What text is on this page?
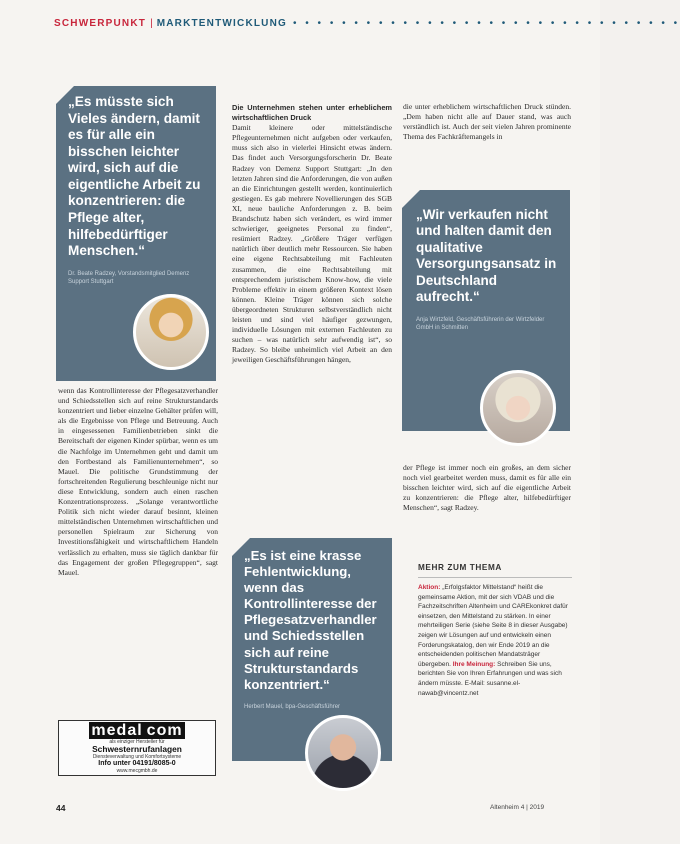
SCHWERPUNKT | MARKTENTWICKLUNG • • • • • • • • • • • • • • • • • • • • • • • • • • • • • • • •
„Es müsste sich Vieles ändern, damit es für alle ein bisschen leichter wird, sich auf die eigentliche Arbeit zu konzentrieren: die Pflege alter, hilfebedürftiger Menschen.“
Dr. Beate Radzey, Vorstandsmitglied Demenz Support Stuttgart
„Wir verkaufen nicht und halten damit den qualitative Versorgungsansatz in Deutschland aufrecht.“
Anja Wirtzfeld, Geschäftsführerin der Wirtzfelder GmbH in Schmitten
„Es ist eine krasse Fehlentwicklung, wenn das Kontrollinteresse der Pflegesatzverhandler und Schiedsstellen sich auf reine Strukturstandards konzentriert.“
Herbert Mauel, bpa-Geschäftsführer

wenn das Kontrollinteresse der Pflegesatzverhandler und Schiedsstellen sich auf reine Strukturstandards konzentriert und lieber einzelne Gehälter prüfen will, als die Ergebnisse von Pflege und Betreuung. Auch in eingesessenen Familienbetrieben sinkt die Bereitschaft der eigenen Kinder spürbar, wenn es um die Nachfolge im Unternehmen geht und damit um den Fortbestand als Familienunternehmen“, so Mauel. Die politische Grundstimmung der fortschreitenden Regulierung beschleunige nicht nur diese Entwicklung, sondern auch einen raschen Konzentrationsprozess. „Solange verantwortliche Politik sich nicht wieder darauf besinnt, kleinen mittelständischen Unternehmen wirtschaftlichen und personellen Spielraum zur Sicherung von Investitionsfähigkeit und wirtschaftlichem Handeln verlässlich zu erhalten, muss sie täglich dankbar für das Engagement der großen Pflegegruppen“, sagt Mauel.

Die Unternehmen stehen unter erheblichem wirtschaftlichen Druck

Damit kleinere oder mittelständische Pflegeunternehmen nicht aufgeben oder verkaufen, muss sich also in vielerlei Hinsicht etwas ändern. Das findet auch Versorgungsforscherin Dr. Beate Radzey von Demenz Support Stuttgart: „In den letzten Jahren sind die Anforderungen, die von außen an die Einrichtungen gestellt werden, kontinuierlich gestiegen. Es gab mehrere Novellierungen des SGB XI, neue bauliche Anforderungen z. B. beim Brandschutz haben sich verändert, es wird immer schwieriger, geeignetes Personal zu finden“, resümiert Radzey. „Größere Träger verfügen natürlich über deutlich mehr Ressourcen. Sie haben eine eigene Rechtsabteilung mit Fachleuten zusammen, die eine Rechtsabteilung mit entsprechendem juristischem Know-how, die viele Probleme effektiv in einem größeren Kontext lösen können. Kleine Träger können sich solche übergeordneten Strukturen selbstverständlich nicht leisten und sind viel häufiger gezwungen, individuelle Lösungen mit externen Fachleuten zu suchen – was natürlich sehr aufwendig ist“, so Radzey. So bleibe unheimlich viel Arbeit an den jeweiligen Geschäftsführungen hängen,

die unter erheblichem wirtschaftlichen Druck stünden. „Dem haben nicht alle auf Dauer stand, was auch verständlich ist. Auch der seit vielen Jahren prominente Thema des Fachkräftemangels in

der Pflege ist immer noch ein großes, an dem sicher noch viel gearbeitet werden muss, damit es für alle ein bisschen leichter wird, sich auf die eigentliche Arbeit zu konzentrieren: die Pflege alter, hilfebedürftiger Menschen“, sagt Radzey.

medal com
als einziger Hersteller für
Schwesternrufanlagen
Diensteverwaltung und Komfortsysteme
Info unter 04191/8085-0
www.mecgmbh.de
MEHR ZUM THEMA
Aktion: „Erfolgsfaktor Mittelstand“ heißt die gemeinsame Aktion, mit der sich VDAB und die Fachzeitschriften Altenheim und CAREkonkret dafür einsetzen, den Mittelstand zu stärken. In einer mehrteiligen Serie (siehe Seite 8 in dieser Ausgabe) zeigen wir Lösungen auf und entwickeln einen Forderungskatalog, den wir Ende 2019 an die entscheidenden politischen Mandatsträger übergeben. Ihre Meinung: Schreiben Sie uns, berichten Sie von Ihren Erfahrungen und was sich ändern müsste. E-Mail: susanne.el-nawab@vincentz.net
44	Altenheim 4 | 2019
